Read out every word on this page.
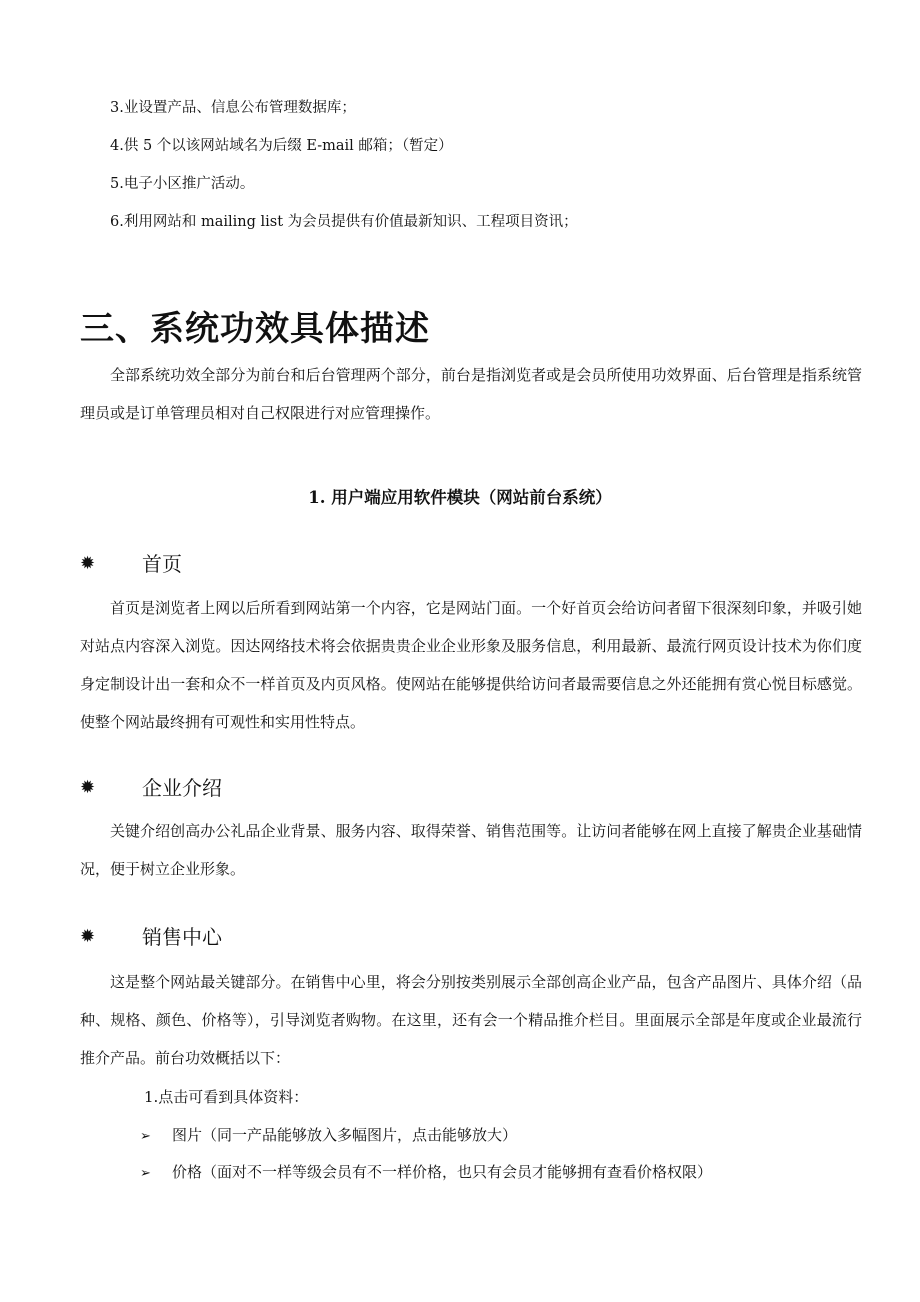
3.业设置产品、信息公布管理数据库；
4.供 5 个以该网站域名为后缀 E-mail 邮箱；（暂定）
5.电子小区推广活动。
6.利用网站和 mailing list 为会员提供有价值最新知识、工程项目资讯；
三、系统功效具体描述

全部系统功效全部分为前台和后台管理两个部分，前台是指浏览者或是会员所使用功效界面、后台管理是指系统管理员或是订单管理员相对自己权限进行对应管理操作。

1. 用户端应用软件模块（网站前台系统）
✹ 首页

首页是浏览者上网以后所看到网站第一个内容，它是网站门面。一个好首页会给访问者留下很深刻印象，并吸引她对站点内容深入浏览。因达网络技术将会依据贵贵企业企业形象及服务信息，利用最新、最流行网页设计技术为你们度身定制设计出一套和众不一样首页及内页风格。使网站在能够提供给访问者最需要信息之外还能拥有赏心悦目标感觉。使整个网站最终拥有可观性和实用性特点。

✹ 企业介绍

关键介绍创高办公礼品企业背景、服务内容、取得荣誉、销售范围等。让访问者能够在网上直接了解贵企业基础情况，便于树立企业形象。

✹ 销售中心

这是整个网站最关键部分。在销售中心里，将会分别按类别展示全部创高企业产品，包含产品图片、具体介绍（品种、规格、颜色、价格等），引导浏览者购物。在这里，还有会一个精品推介栏目。里面展示全部是年度或企业最流行推介产品。前台功效概括以下：

1.点击可看到具体资料：
➢ 图片（同一产品能够放入多幅图片，点击能够放大）
➢ 价格（面对不一样等级会员有不一样价格，也只有会员才能够拥有查看价格权限）
